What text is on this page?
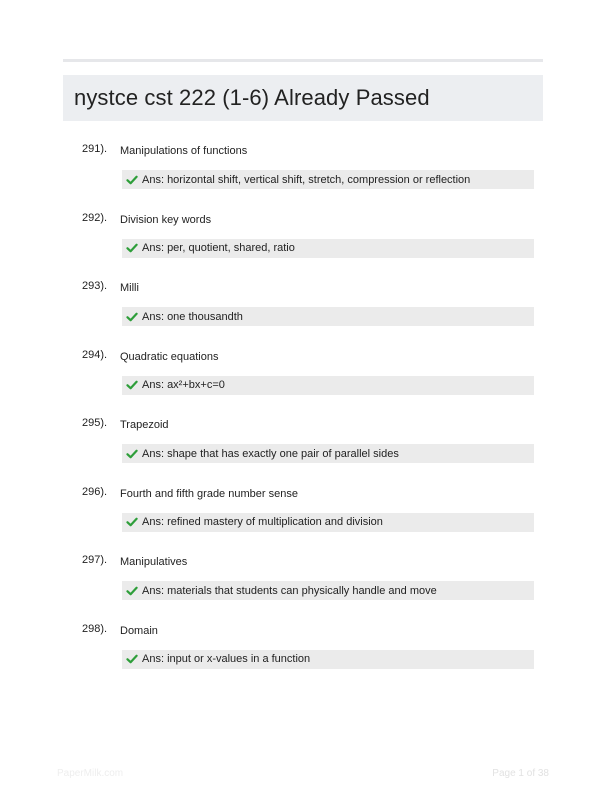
nystce cst 222 (1-6) Already Passed
291). Manipulations of functions
Ans: horizontal shift, vertical shift, stretch, compression or reflection
292). Division key words
Ans: per, quotient, shared, ratio
293). Milli
Ans: one thousandth
294). Quadratic equations
Ans: ax²+bx+c=0
295). Trapezoid
Ans: shape that has exactly one pair of parallel sides
296). Fourth and fifth grade number sense
Ans: refined mastery of multiplication and division
297). Manipulatives
Ans: materials that students can physically handle and move
298). Domain
Ans: input or x-values in a function
PaperMilk.com	Page 1 of 38
